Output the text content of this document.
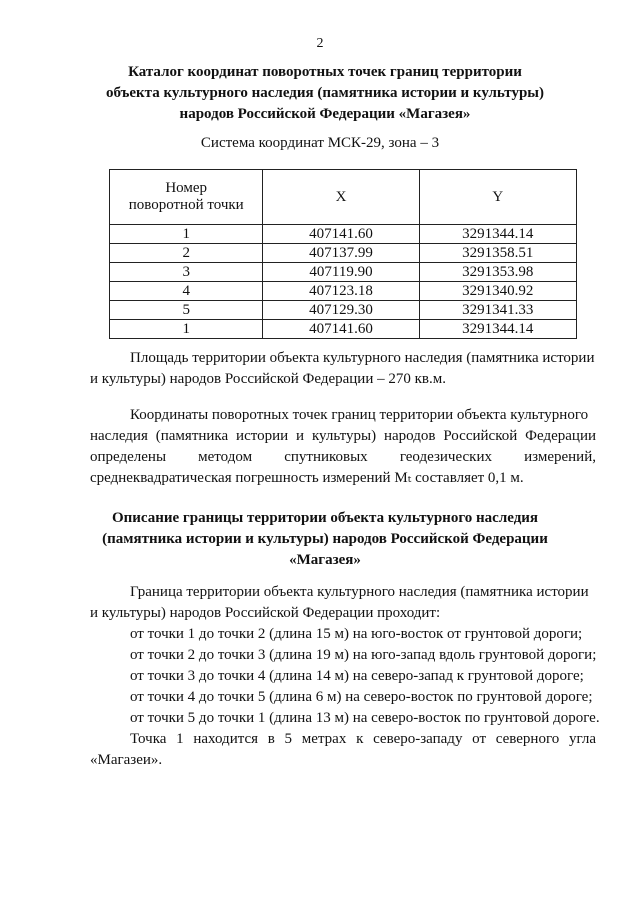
2
Каталог координат поворотных точек границ территории
объекта культурного наследия (памятника истории и культуры)
народов Российской Федерации «Магазея»
Система координат МСК-29, зона – 3
Номер поворотной точки	X	Y
1	407141.60	3291344.14
2	407137.99	3291358.51
3	407119.90	3291353.98
4	407123.18	3291340.92
5	407129.30	3291341.33
1	407141.60	3291344.14
Площадь территории объекта культурного наследия (памятника истории
и культуры) народов Российской Федерации – 270 кв.м.
Координаты поворотных точек границ территории объекта культурного
наследия (памятника истории и культуры) народов Российской Федерации
определены методом спутниковых геодезических измерений,
среднеквадратическая погрешность измерений Mₜ составляет 0,1 м.
Описание границы территории объекта культурного наследия
(памятника истории и культуры) народов Российской Федерации
«Магазея»
Граница территории объекта культурного наследия (памятника истории
и культуры) народов Российской Федерации проходит:
от точки 1 до точки 2 (длина 15 м) на юго-восток от грунтовой дороги;
от точки 2 до точки 3 (длина 19 м) на юго-запад вдоль грунтовой дороги;
от точки 3 до точки 4 (длина 14 м) на северо-запад к грунтовой дороге;
от точки 4 до точки 5 (длина 6 м) на северо-восток по грунтовой дороге;
от точки 5 до точки 1 (длина 13 м) на северо-восток по грунтовой дороге.
Точка 1 находится в 5 метрах к северо-западу от северного угла
«Магазеи».
